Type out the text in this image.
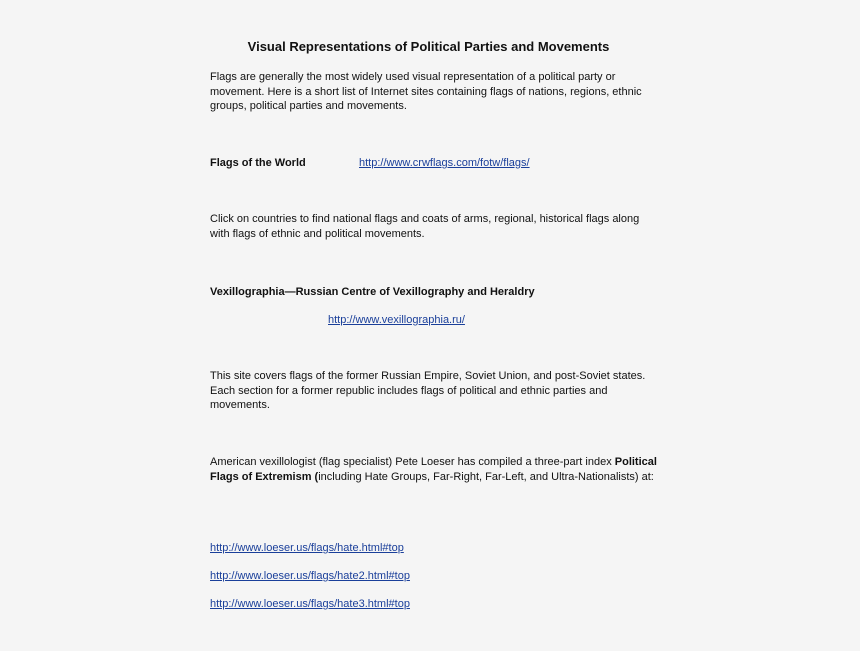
Visual Representations of Political Parties and Movements

Flags are generally the most widely used visual representation of a political party or movement. Here is a short list of Internet sites containing flags of nations, regions, ethnic groups, political parties and movements.

Flags of the World	http://www.crwflags.com/fotw/flags/

Click on countries to find national flags and coats of arms, regional, historical flags along with flags of ethnic and political movements.

Vexillographia—Russian Centre of Vexillography and Heraldry
http://www.vexillographia.ru/

This site covers flags of the former Russian Empire, Soviet Union, and post-Soviet states. Each section for a former republic includes flags of political and ethnic parties and movements.

American vexillologist (flag specialist) Pete Loeser has compiled a three-part index Political Flags of Extremism (including Hate Groups, Far-Right, Far-Left, and Ultra-Nationalists) at:

http://www.loeser.us/flags/hate.html#top
http://www.loeser.us/flags/hate2.html#top
http://www.loeser.us/flags/hate3.html#top
